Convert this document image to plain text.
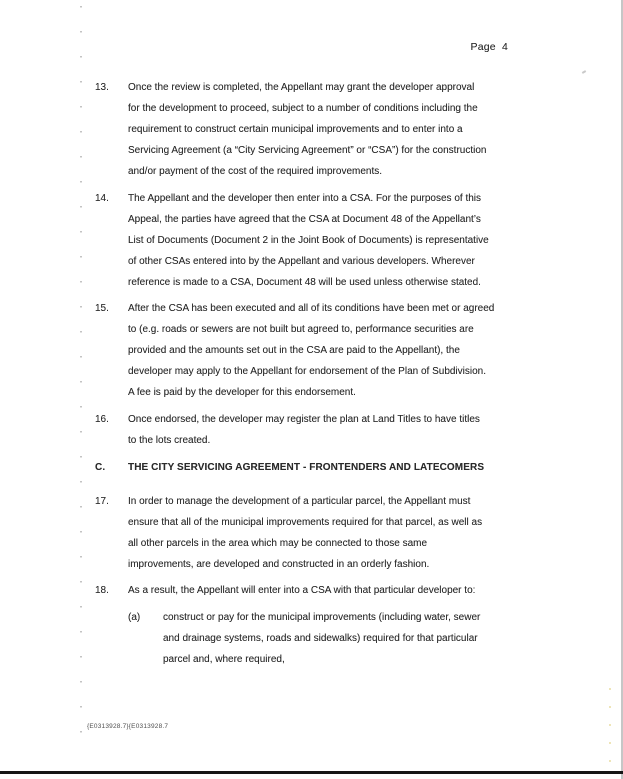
Page 4
13.	Once the review is completed, the Appellant may grant the developer approval
for the development to proceed, subject to a number of conditions including the
requirement to construct certain municipal improvements and to enter into a
Servicing Agreement (a “City Servicing Agreement” or “CSA”) for the construction
and/or payment of the cost of the required improvements.
14.	The Appellant and the developer then enter into a CSA. For the purposes of this
Appeal, the parties have agreed that the CSA at Document 48 of the Appellant’s
List of Documents (Document 2 in the Joint Book of Documents) is representative
of other CSAs entered into by the Appellant and various developers. Wherever
reference is made to a CSA, Document 48 will be used unless otherwise stated.
15.	After the CSA has been executed and all of its conditions have been met or agreed
to (e.g. roads or sewers are not built but agreed to, performance securities are
provided and the amounts set out in the CSA are paid to the Appellant), the
developer may apply to the Appellant for endorsement of the Plan of Subdivision.
A fee is paid by the developer for this endorsement.
16.	Once endorsed, the developer may register the plan at Land Titles to have titles
to the lots created.
C.	THE CITY SERVICING AGREEMENT - FRONTENDERS AND LATECOMERS
17.	In order to manage the development of a particular parcel, the Appellant must
ensure that all of the municipal improvements required for that parcel, as well as
all other parcels in the area which may be connected to those same
improvements, are developed and constructed in an orderly fashion.
18.	As a result, the Appellant will enter into a CSA with that particular developer to:
(a)	construct or pay for the municipal improvements (including water, sewer
and drainage systems, roads and sidewalks) required for that particular
parcel and, where required,
{E0313928.7}{E0313928.7
